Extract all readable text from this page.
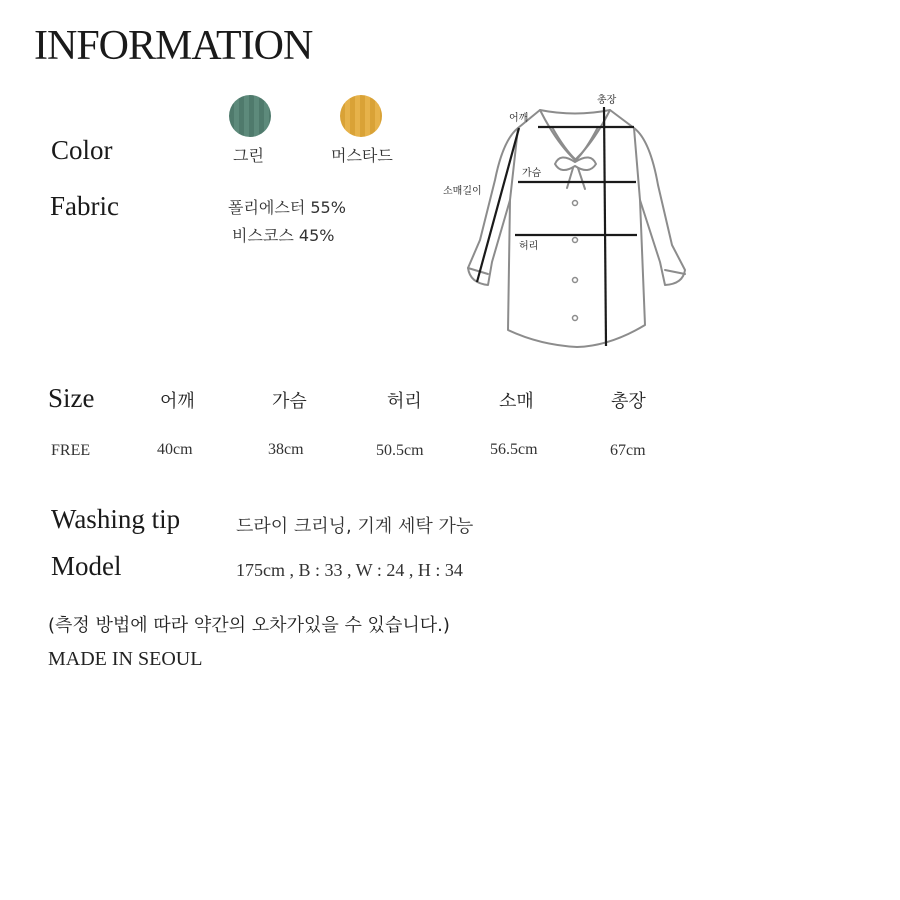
INFORMATION
Color	그린	머스타드
Fabric	폴리에스터 55%
비스코스 45%
총장
어깨
가슴
소매길이
허리
Size	어깨	가슴	허리	소매	총장
FREE	40cm	38cm	50.5cm	56.5cm	67cm
Washing tip	드라이 크리닝, 기계 세탁 가능
Model	175cm , B : 33 , W : 24 , H : 34
(측정 방법에 따라 약간의 오차가있을 수 있습니다.)
MADE IN SEOUL
